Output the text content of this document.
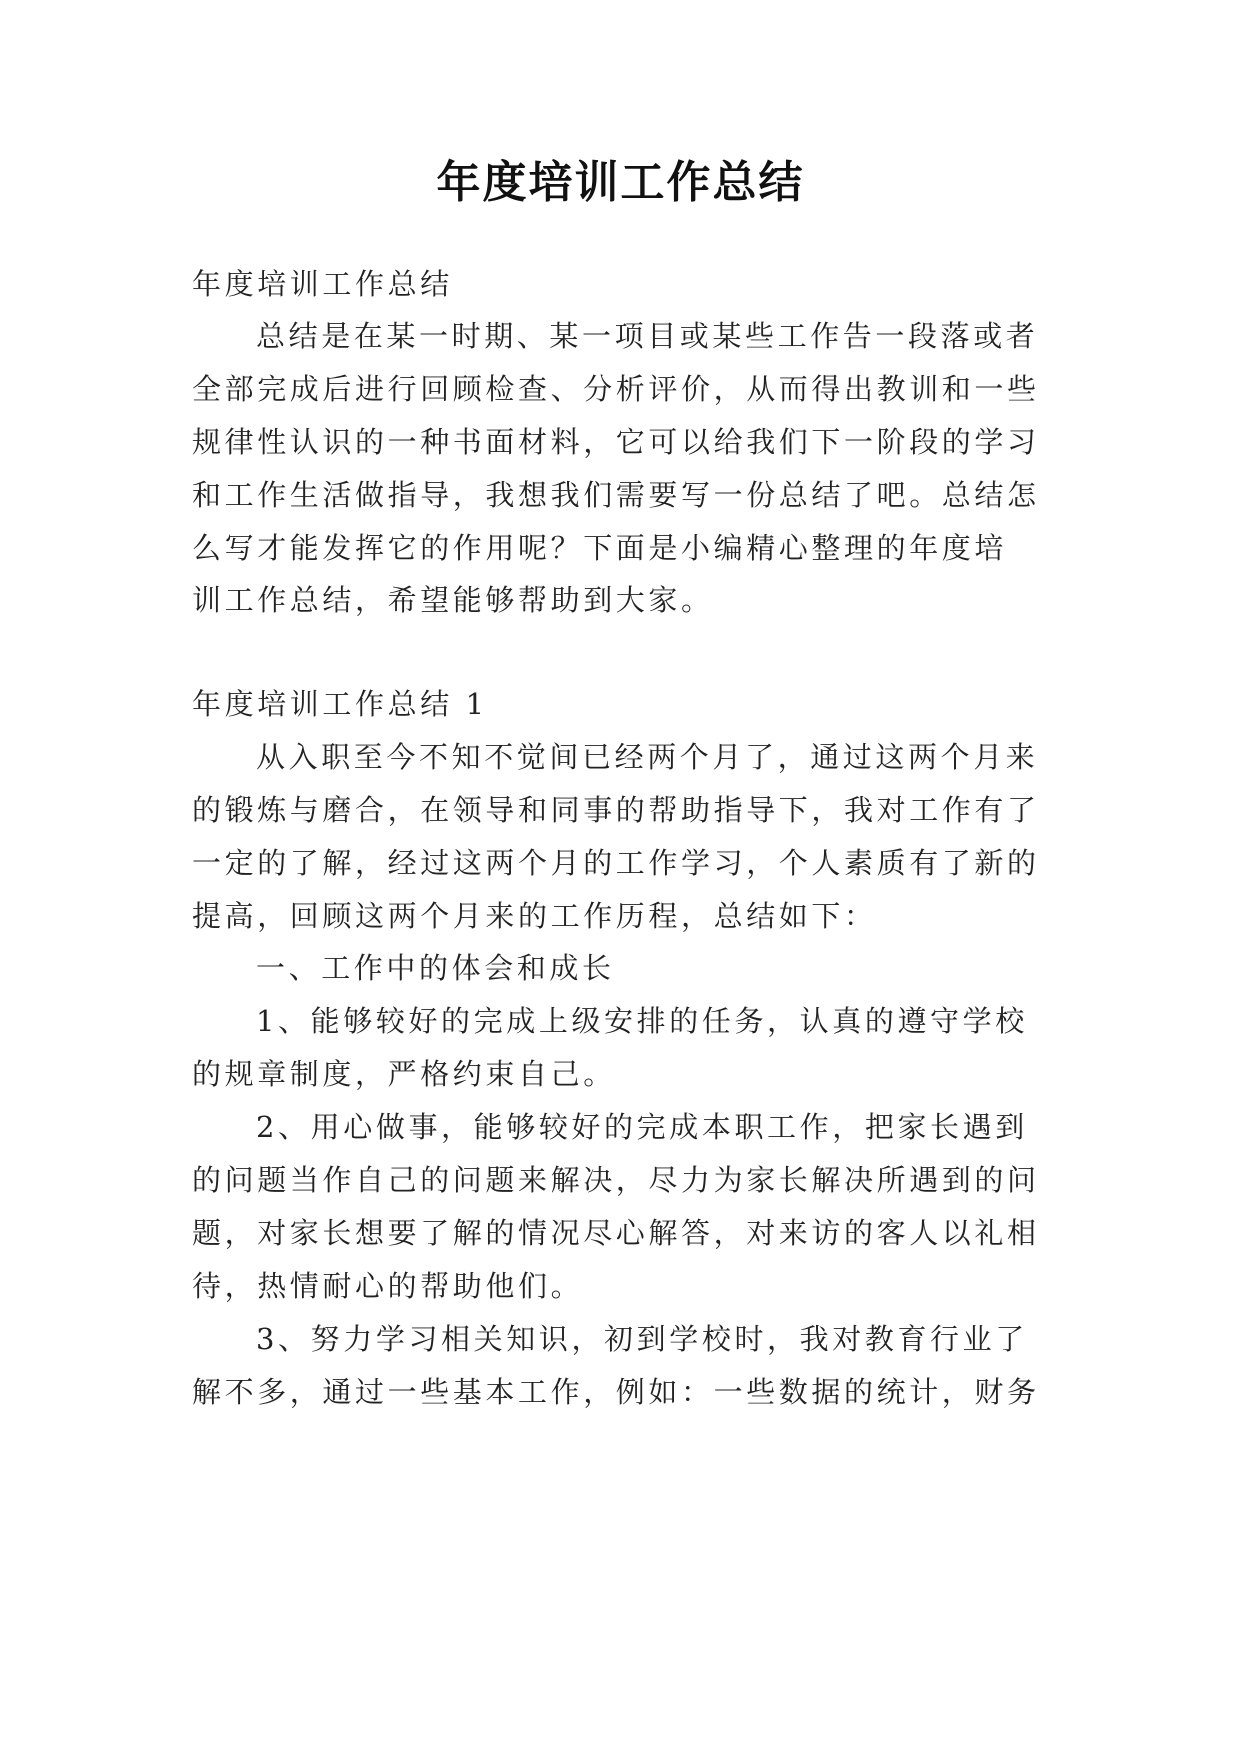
年度培训工作总结
年度培训工作总结
总结是在某一时期、某一项目或某些工作告一段落或者
全部完成后进行回顾检查、分析评价，从而得出教训和一些
规律性认识的一种书面材料，它可以给我们下一阶段的学习
和工作生活做指导，我想我们需要写一份总结了吧。总结怎
么写才能发挥它的作用呢？下面是小编精心整理的年度培
训工作总结，希望能够帮助到大家。
年度培训工作总结 1
从入职至今不知不觉间已经两个月了，通过这两个月来
的锻炼与磨合，在领导和同事的帮助指导下，我对工作有了
一定的了解，经过这两个月的工作学习，个人素质有了新的
提高，回顾这两个月来的工作历程，总结如下：
一、工作中的体会和成长
1、能够较好的完成上级安排的任务，认真的遵守学校
的规章制度，严格约束自己。
2、用心做事，能够较好的完成本职工作，把家长遇到
的问题当作自己的问题来解决，尽力为家长解决所遇到的问
题，对家长想要了解的情况尽心解答，对来访的客人以礼相
待，热情耐心的帮助他们。
3、努力学习相关知识，初到学校时，我对教育行业了
解不多，通过一些基本工作，例如：一些数据的统计，财务
